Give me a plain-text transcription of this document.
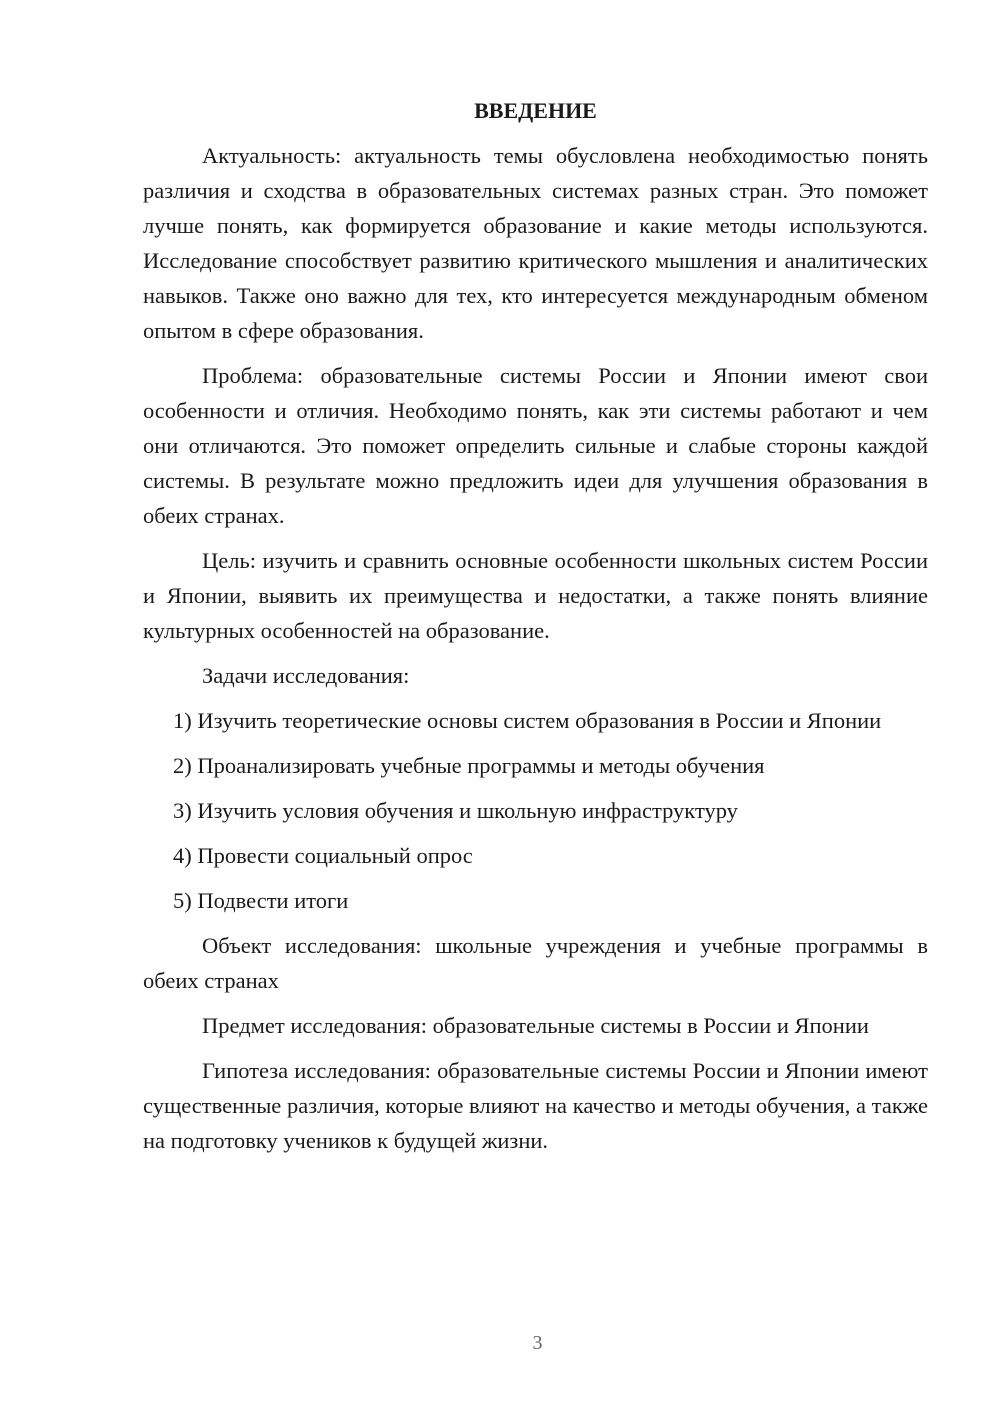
ВВЕДЕНИЕ

Актуальность: актуальность темы обусловлена необходимостью понять различия и сходства в образовательных системах разных стран. Это поможет лучше понять, как формируется образование и какие методы используются. Исследование способствует развитию критического мышления и аналитических навыков. Также оно важно для тех, кто интересуется международным обменом опытом в сфере образования.

Проблема: образовательные системы России и Японии имеют свои особенности и отличия. Необходимо понять, как эти системы работают и чем они отличаются. Это поможет определить сильные и слабые стороны каждой системы. В результате можно предложить идеи для улучшения образования в обеих странах.

Цель: изучить и сравнить основные особенности школьных систем России и Японии, выявить их преимущества и недостатки, а также понять влияние культурных особенностей на образование.

Задачи исследования:

1) Изучить теоретические основы систем образования в России и Японии
2) Проанализировать учебные программы и методы обучения
3) Изучить условия обучения и школьную инфраструктуру
4) Провести социальный опрос
5) Подвести итоги

Объект исследования: школьные учреждения и учебные программы в обеих странах

Предмет исследования: образовательные системы в России и Японии

Гипотеза исследования: образовательные системы России и Японии имеют существенные различия, которые влияют на качество и методы обучения, а также на подготовку учеников к будущей жизни.

3
